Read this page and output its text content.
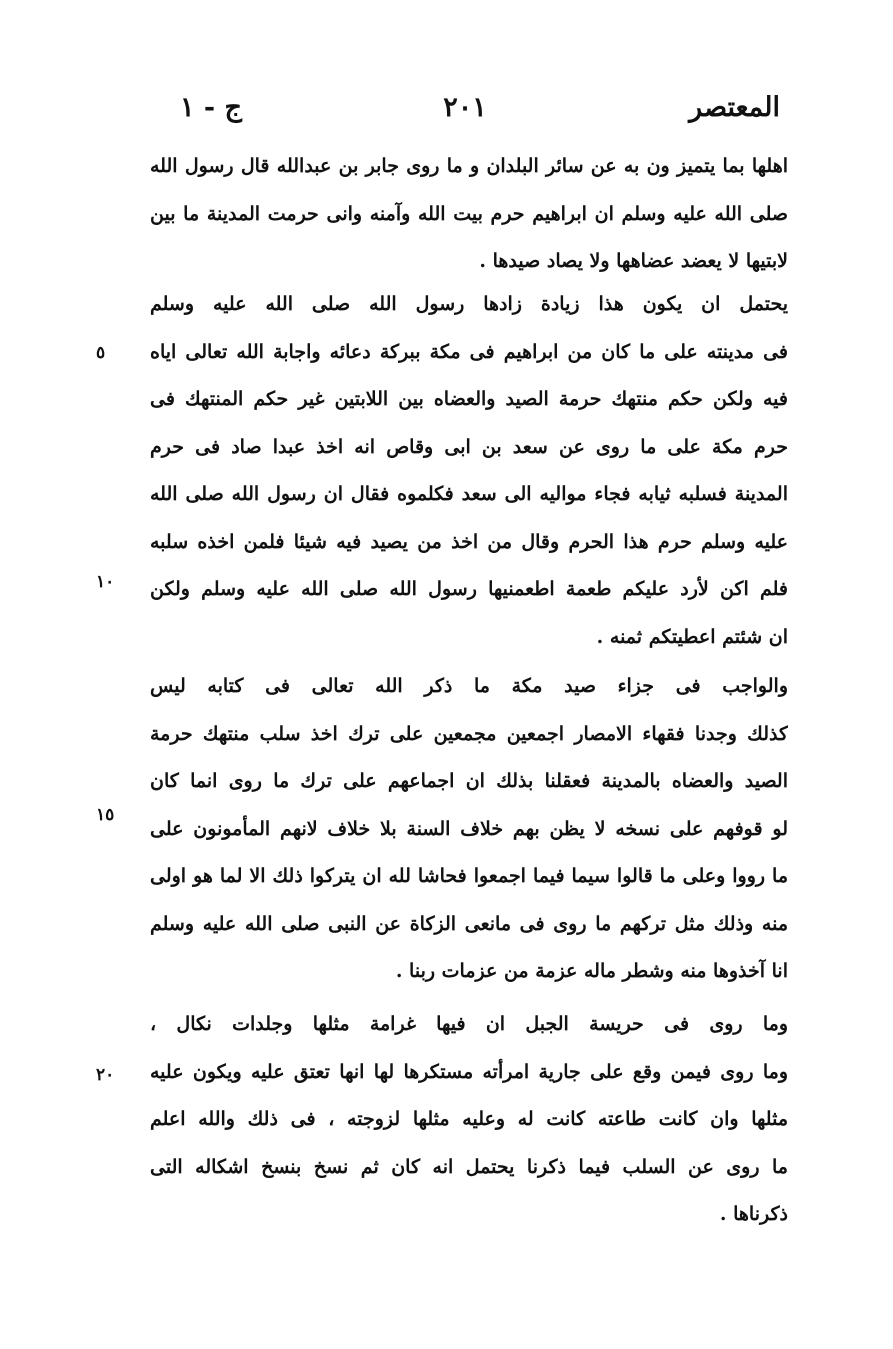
المعتصر
٢٠١
ج - ١
اهلها بما يتميز ون به عن سائر البلدان و ما روى جابر بن عبدالله قال رسول الله
صلى الله عليه وسلم ان ابراهيم حرم بيت الله وآمنه وانى حرمت المدينة ما بين
لابتيها لا يعضد عضاهها ولا يصاد صيدها .
يحتمل ان يكون هذا زيادة زادها رسول الله صلى الله عليه وسلم
فى مدينته على ما كان من ابراهيم فى مكة ببركة دعائه واجابة الله تعالى اياه
فيه ولكن حكم منتهك حرمة الصيد والعضاه بين اللابتين غير حكم المنتهك فى
حرم مكة على ما روى عن سعد بن ابى وقاص انه اخذ عبدا صاد فى حرم
المدينة فسلبه ثيابه فجاء مواليه الى سعد فكلموه فقال ان رسول الله صلى الله
عليه وسلم حرم هذا الحرم وقال من اخذ من يصيد فيه شيئا فلمن اخذه سلبه
فلم اكن لأرد عليكم طعمة اطعمنيها رسول الله صلى الله عليه وسلم ولكن
ان شئتم اعطيتكم ثمنه .
والواجب فى جزاء صيد مكة ما ذكر الله تعالى فى كتابه ليس
كذلك وجدنا فقهاء الامصار اجمعين مجمعين على ترك اخذ سلب منتهك حرمة
الصيد والعضاه بالمدينة فعقلنا بذلك ان اجماعهم على ترك ما روى انما كان
لو قوفهم على نسخه لا يظن بهم خلاف السنة بلا خلاف لانهم المأمونون على
ما رووا وعلى ما قالوا سيما فيما اجمعوا فحاشا لله ان يتركوا ذلك الا لما هو اولى
منه وذلك مثل تركهم ما روى فى مانعى الزكاة عن النبى صلى الله عليه وسلم
انا آخذوها منه وشطر ماله عزمة من عزمات ربنا .
وما روى فى حريسة الجبل ان فيها غرامة مثلها وجلدات نكال ،
وما روى فيمن وقع على جارية امرأته مستكرها لها انها تعتق عليه ويكون عليه
مثلها وان كانت طاعته كانت له وعليه مثلها لزوجته ، فى ذلك والله اعلم
ما روى عن السلب فيما ذكرنا يحتمل انه كان ثم نسخ بنسخ اشكاله التى
ذكرناها .
٥
١٠
١٥
٢٠
